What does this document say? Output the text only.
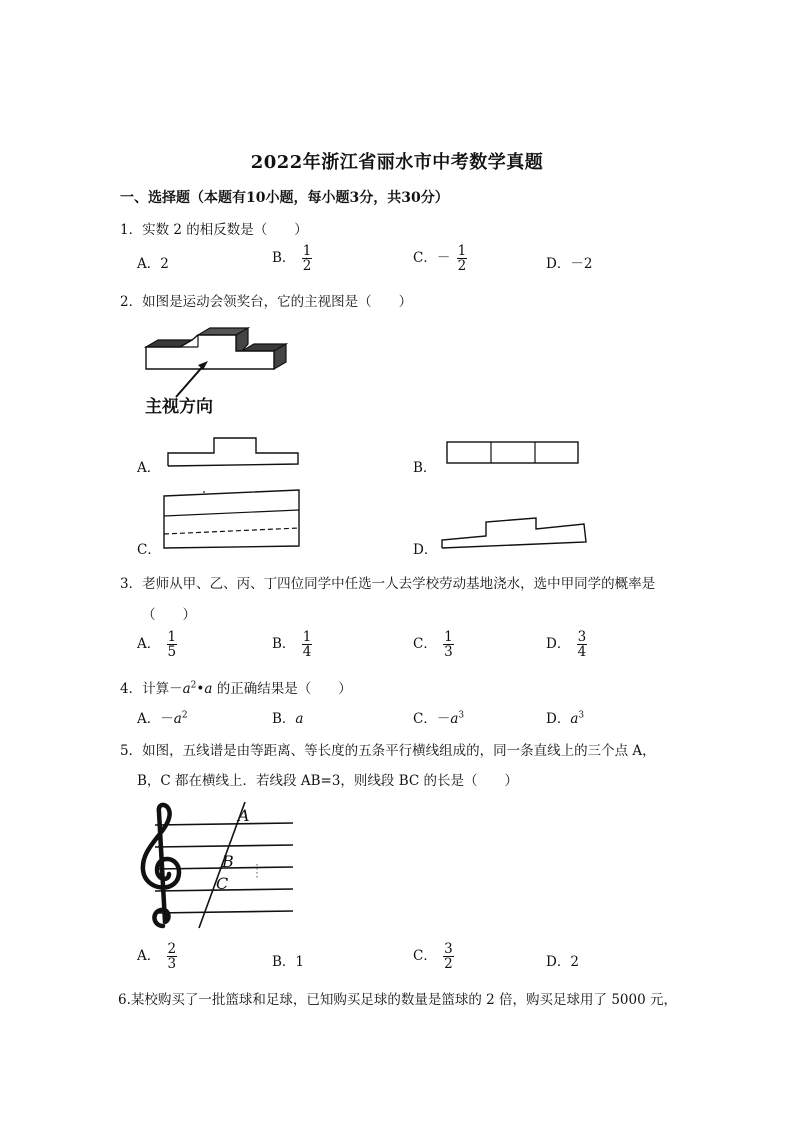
2022年浙江省丽水市中考数学真题
一、选择题（本题有10小题，每小题3分，共30分）
1．实数 2 的相反数是（　　）
A．2	B． $\frac{1}{2}$	C．－ $\frac{1}{2}$	D．－2
2．如图是运动会领奖台，它的主视图是（　　）
主视方向
A．	B．
C．	D．
3．老师从甲、乙、丙、丁四位同学中任选一人去学校劳动基地浇水，选中甲同学的概率是
（　　）
A． $\frac{1}{5}$	B． $\frac{1}{4}$	C． $\frac{1}{3}$	D． $\frac{3}{4}$
4．计算$-a^2•a$ 的正确结果是（　　）
A．$-a^2$	B．a	C．$-a^3$	D．$a^3$
5．如图，五线谱是由等距离、等长度的五条平行横线组成的，同一条直线上的三个点 A，
B，C 都在横线上．若线段 AB=3，则线段 BC 的长是（　　）
A
B
C
A． $\frac{2}{3}$	B．1	C． $\frac{3}{2}$	D．2
6.某校购买了一批篮球和足球，已知购买足球的数量是篮球的 2 倍，购买足球用了 5000 元，
